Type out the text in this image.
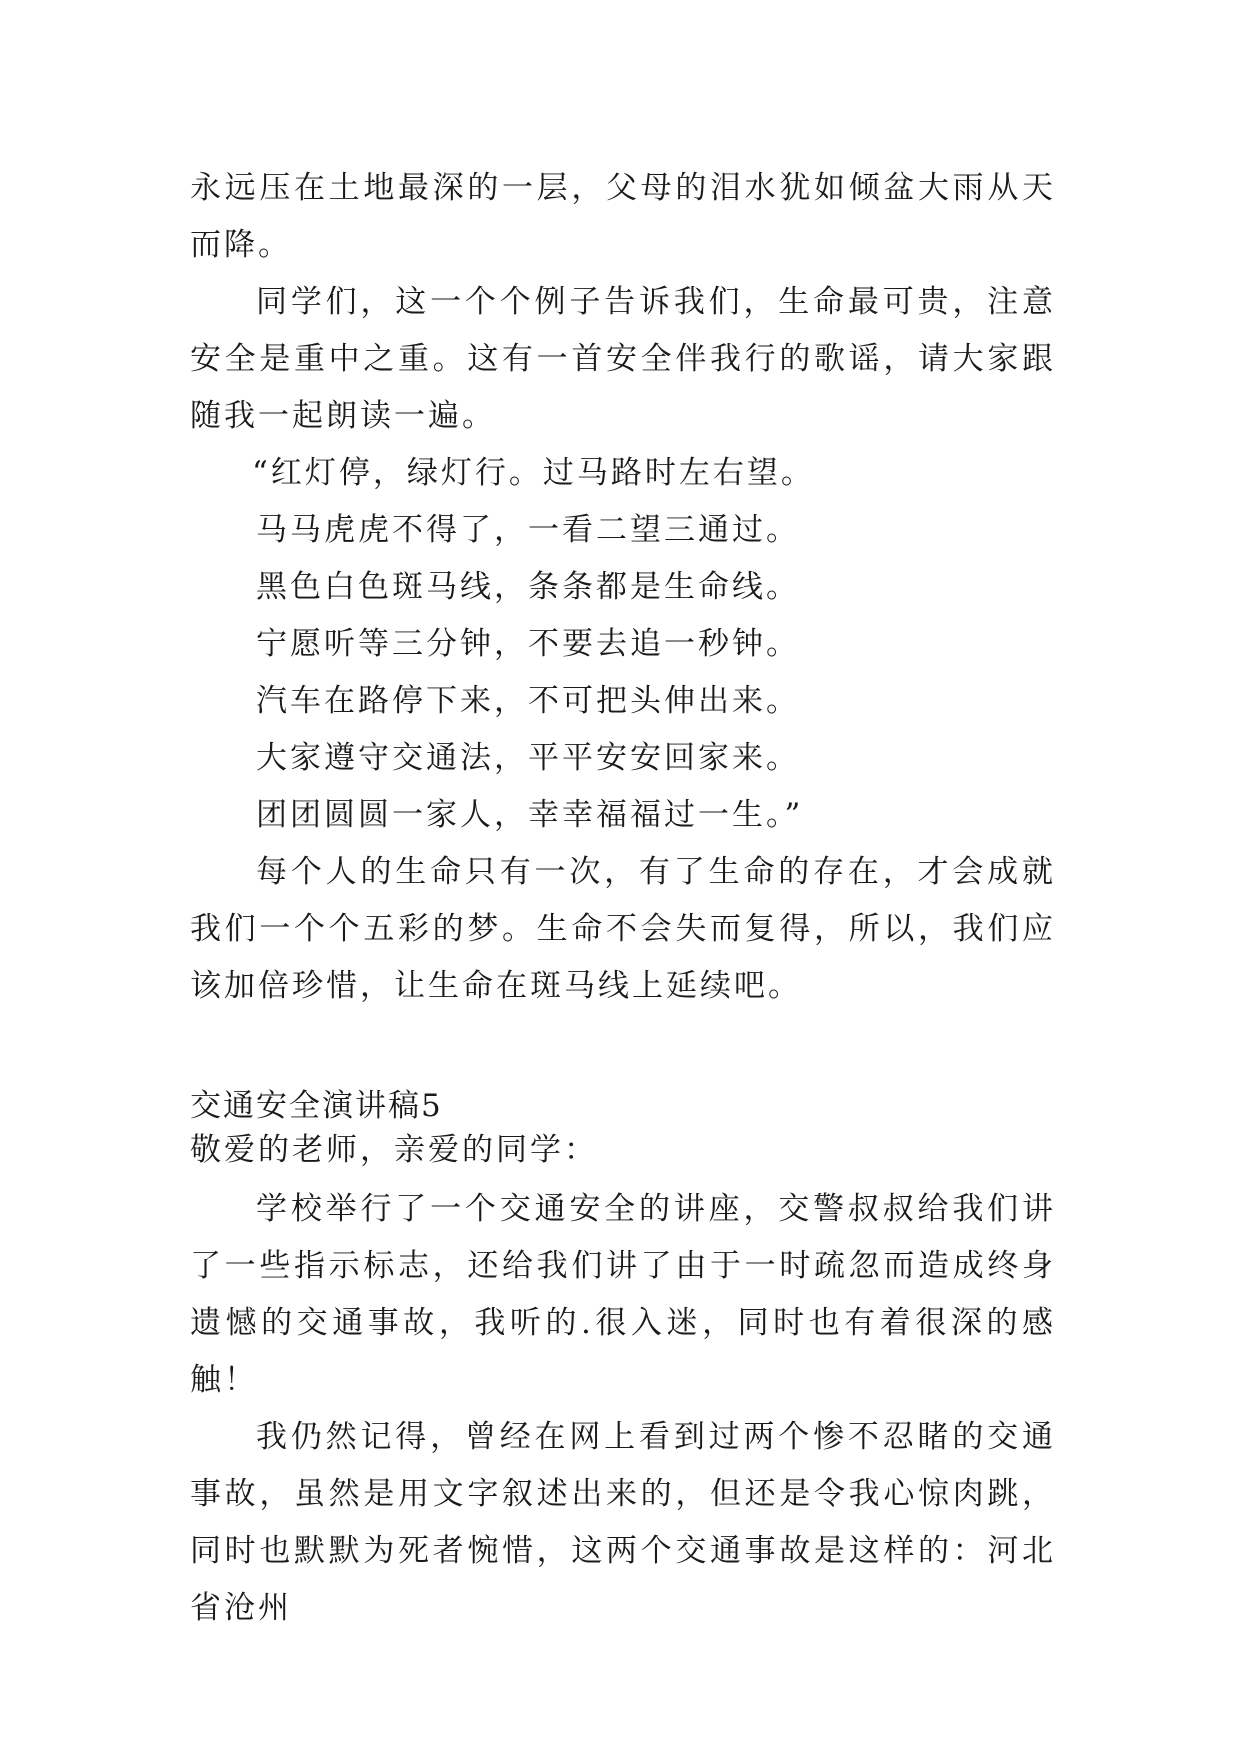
永远压在土地最深的一层，父母的泪水犹如倾盆大雨从天而降。

同学们，这一个个例子告诉我们，生命最可贵，注意安全是重中之重。这有一首安全伴我行的歌谣，请大家跟随我一起朗读一遍。

“红灯停，绿灯行。过马路时左右望。

马马虎虎不得了，一看二望三通过。

黑色白色斑马线，条条都是生命线。

宁愿听等三分钟，不要去追一秒钟。

汽车在路停下来，不可把头伸出来。

大家遵守交通法，平平安安回家来。

团团圆圆一家人，幸幸福福过一生。”

每个人的生命只有一次，有了生命的存在，才会成就我们一个个五彩的梦。生命不会失而复得，所以，我们应该加倍珍惜，让生命在斑马线上延续吧。

交通安全演讲稿5

敬爱的老师，亲爱的同学：

学校举行了一个交通安全的讲座，交警叔叔给我们讲了一些指示标志，还给我们讲了由于一时疏忽而造成终身遗憾的交通事故，我听的.很入迷，同时也有着很深的感触！

我仍然记得，曾经在网上看到过两个惨不忍睹的交通事故，虽然是用文字叙述出来的，但还是令我心惊肉跳，同时也默默为死者惋惜，这两个交通事故是这样的：河北省沧州
